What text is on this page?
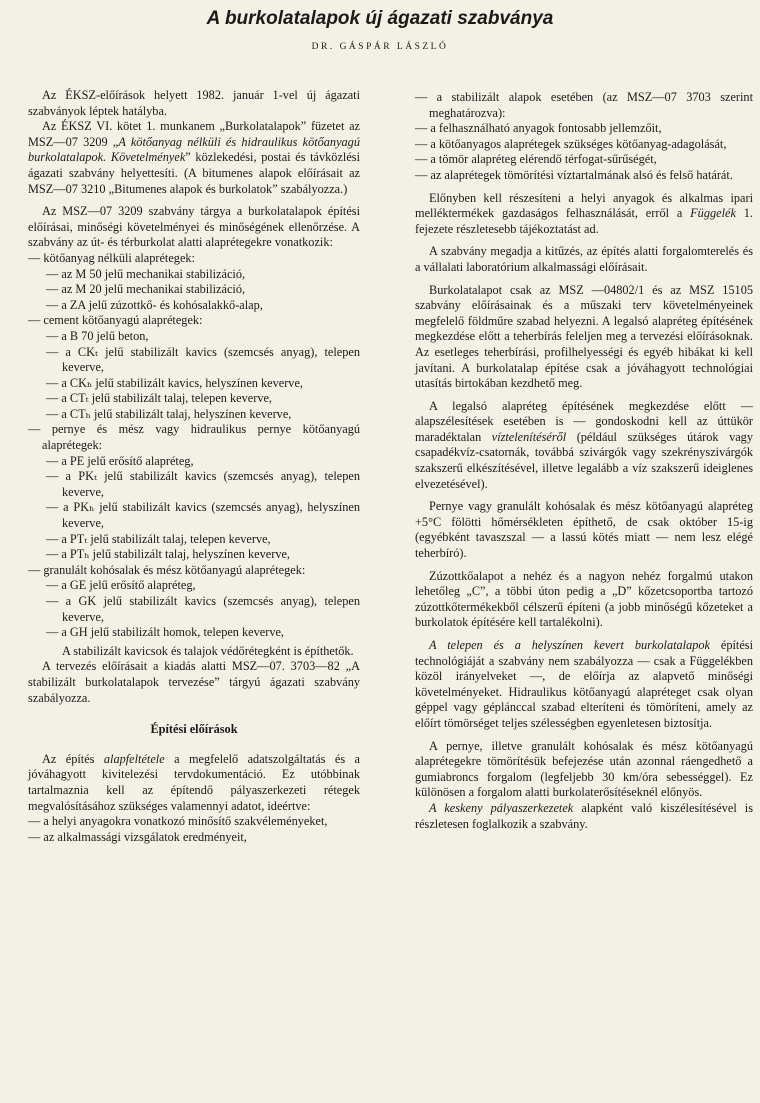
A burkolatalapok új ágazati szabványa
DR. GÁSPÁR LÁSZLÓ

Az ÉKSZ-előírások helyett 1982. január 1-vel új ágazati szabványok léptek hatályba.

Az ÉKSZ VI. kötet 1. munkanem „Burkolatalapok” füzetet az MSZ—07 3209 „A kötőanyag nélküli és hidraulikus kötőanyagú burkolatalapok. Követelmények” közlekedési, postai és távközlési ágazati szabvány helyettesíti. (A bitumenes alapok előírásait az MSZ—07 3210 „Bitumenes alapok és burkolatok” szabályozza.)

Az MSZ—07 3209 szabvány tárgya a burkolatalapok építési előírásai, minőségi követelményei és minőségének ellenőrzése. A szabvány az út- és térburkolat alatti alaprétegekre vonatkozik:

— kötőanyag nélküli alaprétegek:
— az M 50 jelű mechanikai stabilizáció,
— az M 20 jelű mechanikai stabilizáció,
— a ZA jelű zúzottkő- és kohósalakkő-alap,
— cement kötőanyagú alaprétegek:
— a B 70 jelű beton,
— a CKₜ jelű stabilizált kavics (szemcsés anyag), telepen keverve,
— a CKₕ jelű stabilizált kavics, helyszínen keverve,
— a CTₜ jelű stabilizált talaj, telepen keverve,
— a CTₕ jelű stabilizált talaj, helyszínen keverve,
— pernye és mész vagy hidraulikus pernye kötőanyagú alaprétegek:
— a PE jelű erősítő alapréteg,
— a PKₜ jelű stabilizált kavics (szemcsés anyag), telepen keverve,
— a PKₕ jelű stabilizált kavics (szemcsés anyag), helyszínen keverve,
— a PTₜ jelű stabilizált talaj, telepen keverve,
— a PTₕ jelű stabilizált talaj, helyszínen keverve,
— granulált kohósalak és mész kötőanyagú alaprétegek:
— a GE jelű erősítő alapréteg,
— a GK jelű stabilizált kavics (szemcsés anyag), telepen keverve,
— a GH jelű stabilizált homok, telepen keverve,

A stabilizált kavicsok és talajok védőrétegként is építhetők.

A tervezés előírásait a kiadás alatti MSZ—07. 3703—82 „A stabilizált burkolatalapok tervezése” tárgyú ágazati szabvány szabályozza.

Építési előírások

Az építés alapfeltétele a megfelelő adatszolgáltatás és a jóváhagyott kivitelezési tervdokumentáció. Ez utóbbinak tartalmaznia kell az építendő pályaszerkezeti rétegek megvalósításához szükséges valamennyi adatot, ideértve:

— a helyi anyagokra vonatkozó minősítő szakvéleményeket,
— az alkalmassági vizsgálatok eredményeit,
— a stabilizált alapok esetében (az MSZ—07 3703 szerint meghatározva):
— a felhasználható anyagok fontosabb jellemzőit,
— a kötőanyagos alaprétegek szükséges kötőanyag-adagolását,
— a tömör alapréteg elérendő térfogat-sűrűségét,
— az alaprétegek tömörítési víztartalmának alsó és felső határát.

Előnyben kell részesíteni a helyi anyagok és alkalmas ipari melléktermékek gazdaságos felhasználását, erről a Függelék 1. fejezete részletesebb tájékoztatást ad.

A szabvány megadja a kitűzés, az építés alatti forgalomterelés és a vállalati laboratórium alkalmassági előírásait.

Burkolatalapot csak az MSZ —04802/1 és az MSZ 15105 szabvány előírásainak és a műszaki terv követelményeinek megfelelő földműre szabad helyezni. A legalsó alapréteg építésének megkezdése előtt a teherbírás feleljen meg a tervezési előírásoknak. Az esetleges teherbírási, profilhelyességi és egyéb hibákat ki kell javítani. A burkolatalap építése csak a jóváhagyott technológiai utasítás birtokában kezdhető meg.

A legalsó alapréteg építésének megkezdése előtt — alapszélesítések esetében is — gondoskodni kell az úttükör maradéktalan víztelenítéséről (például szükséges útárok vagy csapadékvíz-csatornák, továbbá szivárgók vagy szekrényszivárgók szakszerű elkészítésével, illetve legalább a víz szakszerű ideiglenes elvezetésével).

Pernye vagy granulált kohósalak és mész kötőanyagú alapréteg +5°C fölötti hőmérsékleten építhető, de csak október 15-ig (egyébként tavaszszal — a lassú kötés miatt — nem lesz elégé teherbíró).

Zúzottkőalapot a nehéz és a nagyon nehéz forgalmú utakon lehetőleg „C”, a többi úton pedig a „D” kőzetcsoportba tartozó zúzottkőtermékekből célszerű építeni (a jobb minőségű kőzeteket a burkolatok építésére kell tartalékolni).

A telepen és a helyszínen kevert burkolatalapok építési technológiáját a szabvány nem szabályozza — csak a Függelékben közöl irányelveket —, de előírja az alapvető minőségi követelményeket. Hidraulikus kötőanyagú alapréteget csak olyan géppel vagy géplánccal szabad elteríteni és tömöríteni, amely az előírt tömörséget teljes szélességben egyenletesen biztosítja.

A pernye, illetve granulált kohósalak és mész kötőanyagú alaprétegekre tömörítésük befejezése után azonnal ráengedhető a gumiabroncs forgalom (legfeljebb 30 km/óra sebességgel). Ez különösen a forgalom alatti burkolaterősítéseknél előnyös.

A keskeny pályaszerkezetek alapként való kiszélesítésével is részletesen foglalkozik a szabvány.
